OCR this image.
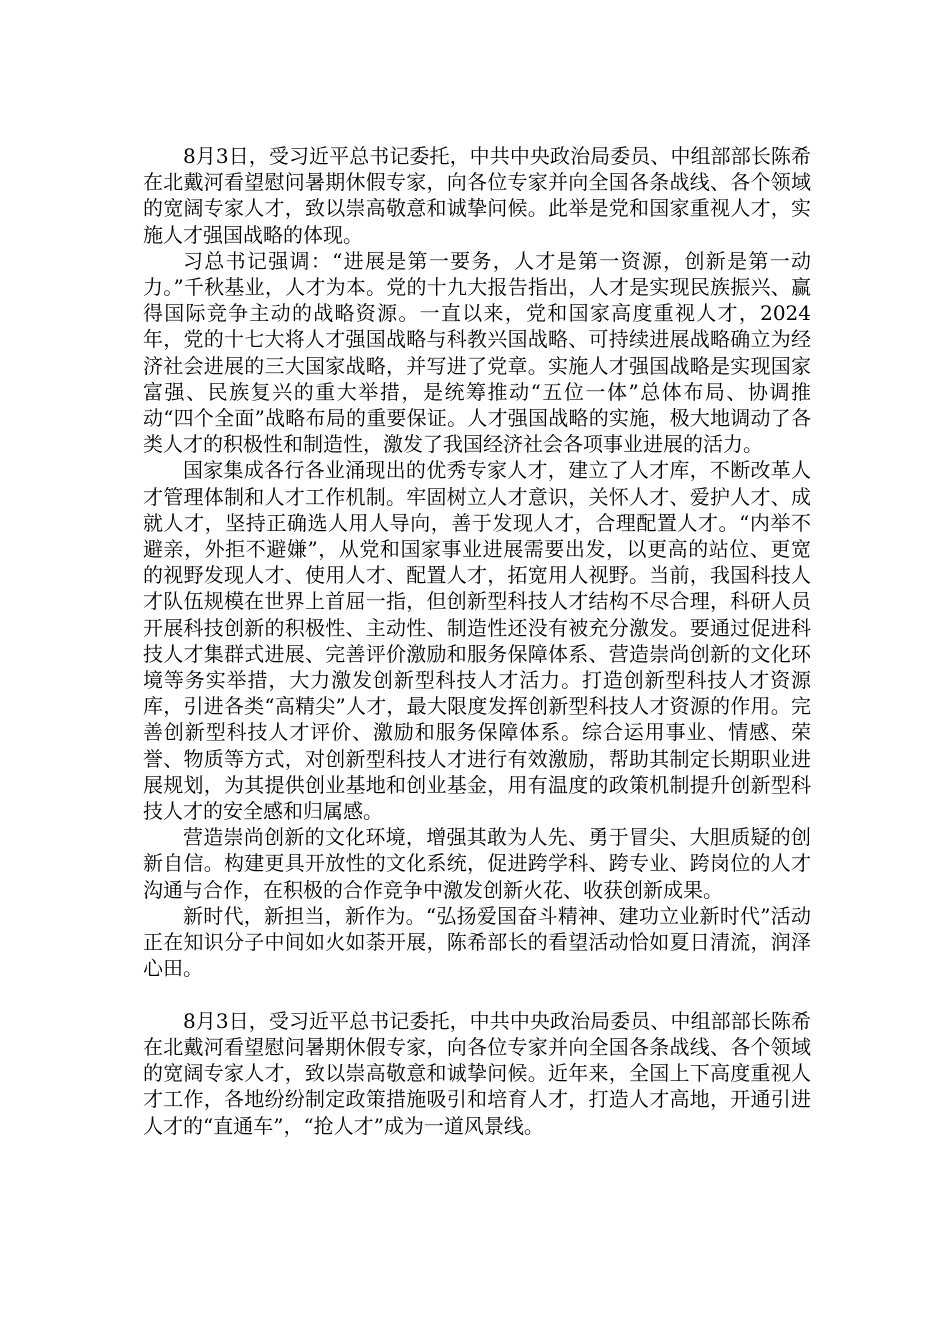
8月3日，受习近平总书记委托，中共中央政治局委员、中组部部长陈希在北戴河看望慰问暑期休假专家，向各位专家并向全国各条战线、各个领域的宽阔专家人才，致以崇高敬意和诚挚问候。此举是党和国家重视人才，实施人才强国战略的体现。

习总书记强调：“进展是第一要务，人才是第一资源，创新是第一动力。”千秋基业，人才为本。党的十九大报告指出，人才是实现民族振兴、赢得国际竞争主动的战略资源。一直以来，党和国家高度重视人才，2024年，党的十七大将人才强国战略与科教兴国战略、可持续进展战略确立为经济社会进展的三大国家战略，并写进了党章。实施人才强国战略是实现国家富强、民族复兴的重大举措，是统筹推动“五位一体”总体布局、协调推动“四个全面”战略布局的重要保证。人才强国战略的实施，极大地调动了各类人才的积极性和制造性，激发了我国经济社会各项事业进展的活力。

国家集成各行各业涌现出的优秀专家人才，建立了人才库，不断改革人才管理体制和人才工作机制。牢固树立人才意识，关怀人才、爱护人才、成就人才，坚持正确选人用人导向，善于发现人才，合理配置人才。“内举不避亲，外拒不避嫌”，从党和国家事业进展需要出发，以更高的站位、更宽的视野发现人才、使用人才、配置人才，拓宽用人视野。当前，我国科技人才队伍规模在世界上首屈一指，但创新型科技人才结构不尽合理，科研人员开展科技创新的积极性、主动性、制造性还没有被充分激发。要通过促进科技人才集群式进展、完善评价激励和服务保障体系、营造崇尚创新的文化环境等务实举措，大力激发创新型科技人才活力。打造创新型科技人才资源库，引进各类“高精尖”人才，最大限度发挥创新型科技人才资源的作用。完善创新型科技人才评价、激励和服务保障体系。综合运用事业、情感、荣誉、物质等方式，对创新型科技人才进行有效激励，帮助其制定长期职业进展规划，为其提供创业基地和创业基金，用有温度的政策机制提升创新型科技人才的安全感和归属感。

营造崇尚创新的文化环境，增强其敢为人先、勇于冒尖、大胆质疑的创新自信。构建更具开放性的文化系统，促进跨学科、跨专业、跨岗位的人才沟通与合作，在积极的合作竞争中激发创新火花、收获创新成果。

新时代，新担当，新作为。“弘扬爱国奋斗精神、建功立业新时代”活动正在知识分子中间如火如荼开展，陈希部长的看望活动恰如夏日清流，润泽心田。

8月3日，受习近平总书记委托，中共中央政治局委员、中组部部长陈希在北戴河看望慰问暑期休假专家，向各位专家并向全国各条战线、各个领域的宽阔专家人才，致以崇高敬意和诚挚问候。近年来，全国上下高度重视人才工作，各地纷纷制定政策措施吸引和培育人才，打造人才高地，开通引进人才的“直通车”，“抢人才”成为一道风景线。
